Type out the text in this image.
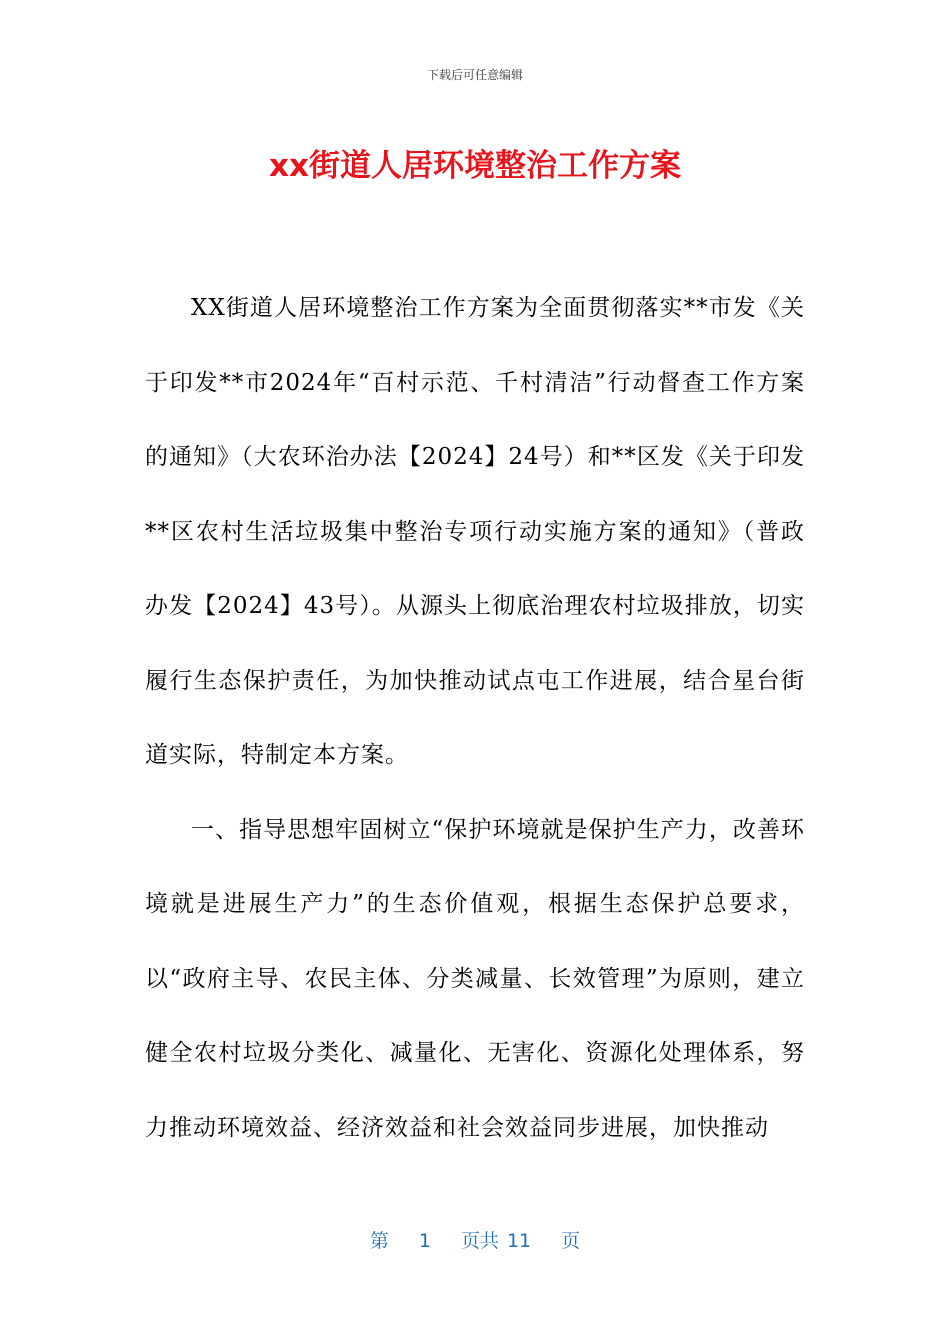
下载后可任意编辑
xx街道人居环境整治工作方案

XX街道人居环境整治工作方案为全面贯彻落实**市发《关于印发**市2024年“百村示范、千村清洁”行动督查工作方案的通知》（大农环治办法【2024】24号）和**区发《关于印发**区农村生活垃圾集中整治专项行动实施方案的通知》（普政办发【2024】43号）。从源头上彻底治理农村垃圾排放，切实履行生态保护责任，为加快推动试点屯工作进展，结合星台街道实际，特制定本方案。

一、指导思想牢固树立“保护环境就是保护生产力，改善环境就是进展生产力”的生态价值观，根据生态保护总要求，以“政府主导、农民主体、分类减量、长效管理”为原则，建立健全农村垃圾分类化、减量化、无害化、资源化处理体系，努力推动环境效益、经济效益和社会效益同步进展，加快推动

第 1 页共 11 页
